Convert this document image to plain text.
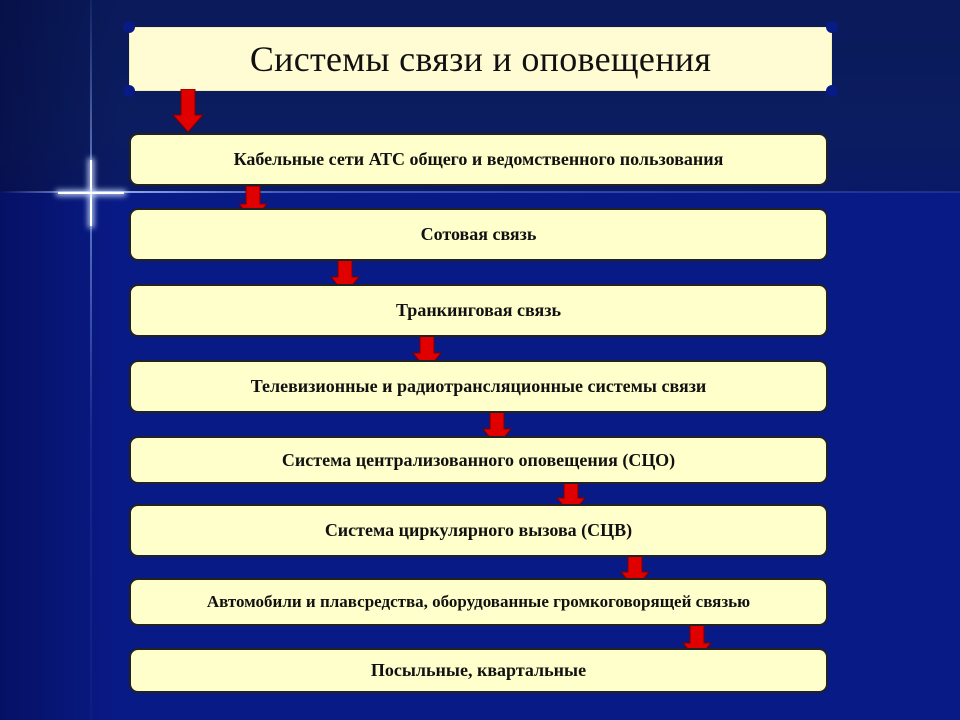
Системы связи и оповещения
Кабельные сети АТС общего и ведомственного пользования
Сотовая связь
Транкинговая связь
Телевизионные и радиотрансляционные системы связи
Система централизованного оповещения (СЦО)
Система циркулярного вызова (СЦВ)
Автомобили и плавсредства, оборудованные громкоговорящей связью
Посыльные, квартальные
